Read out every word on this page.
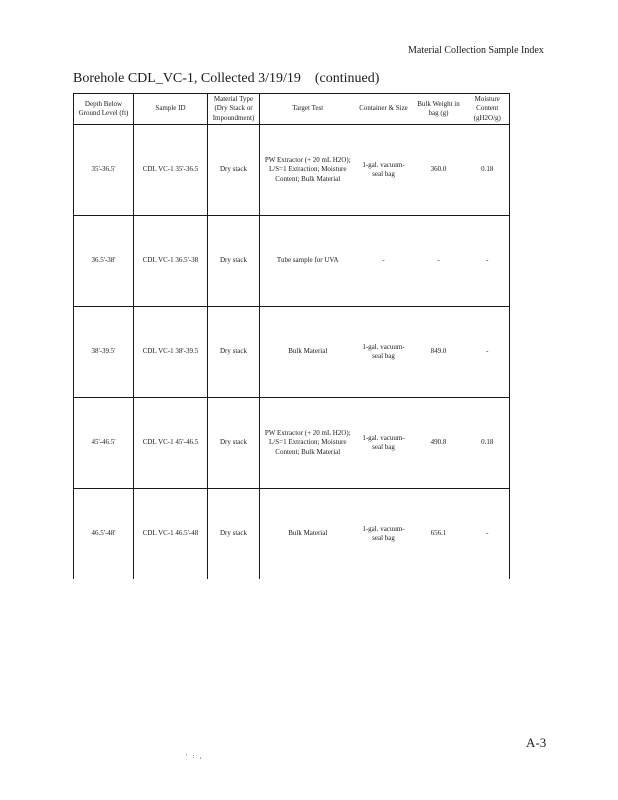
Material Collection Sample Index
Borehole CDL_VC-1, Collected 3/19/19 (continued)
Depth Below Ground Level (ft)	Sample ID	Material Type (Dry Stack or Impoundment)	Target Test	Container & Size	Bulk Weight in bag (g)	Moisture Content (gH2O/g)
35'-36.5'	CDL VC-1 35'-36.5	Dry stack	PW Extractor (+ 20 mL H2O); L/S=1 Extraction; Moisture Content; Bulk Material	1-gal. vacuum-seal bag	360.0	0.18
36.5'-38'	CDL VC-1 36.5'-38	Dry stack	Tube sample for UVA	-	-	-
38'-39.5'	CDL VC-1 38'-39.5	Dry stack	Bulk Material	1-gal. vacuum-seal bag	849.0	-
45'-46.5'	CDL VC-1 45'-46.5	Dry stack	PW Extractor (+ 20 mL H2O); L/S=1 Extraction; Moisture Content; Bulk Material	1-gal. vacuum-seal bag	490.8	0.18
46.5'-48'	CDL VC-1 46.5'-48	Dry stack	Bulk Material	1-gal. vacuum-seal bag	656.1	-
A-3
' : ,
